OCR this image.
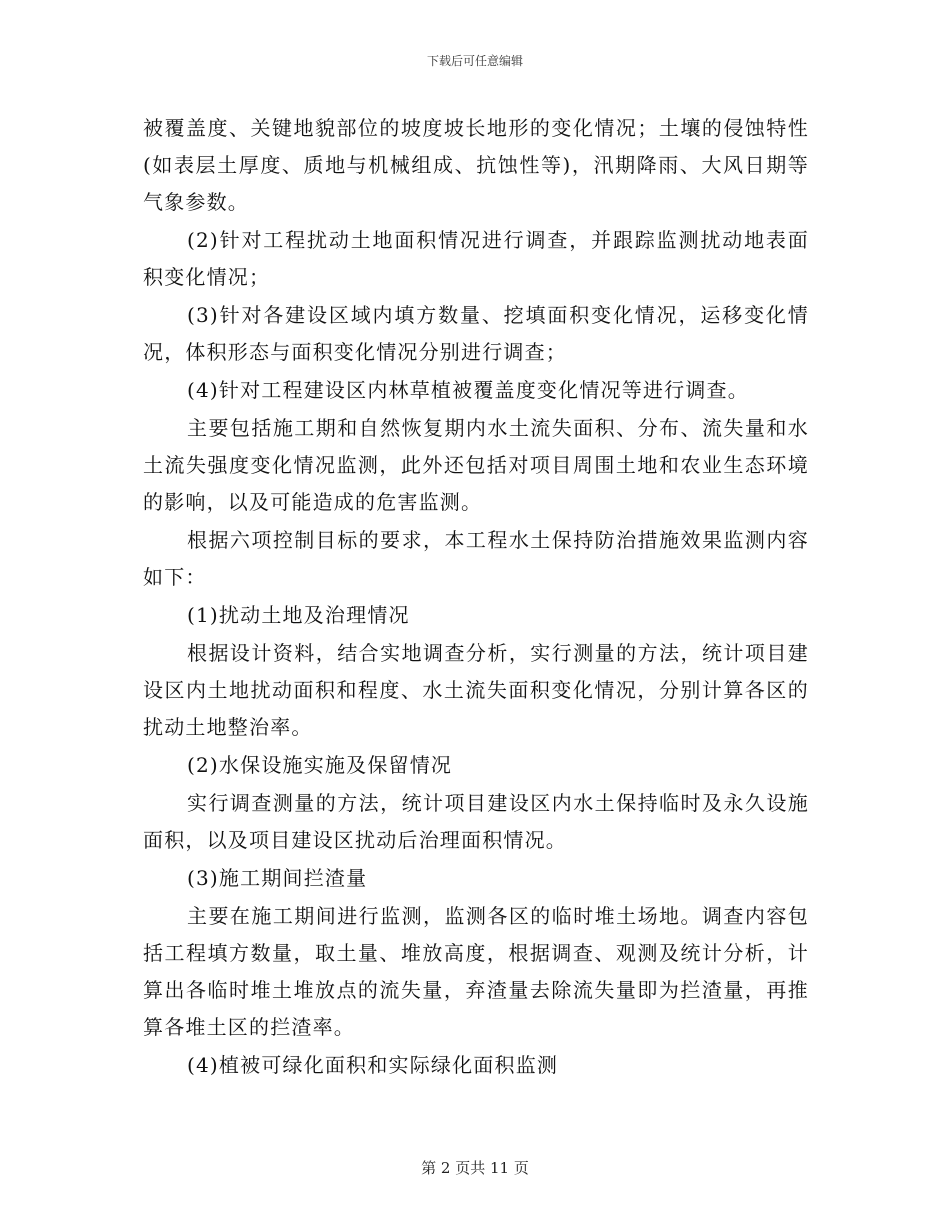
下载后可任意编辑

被覆盖度、关键地貌部位的坡度坡长地形的变化情况；土壤的侵蚀特性(如表层土厚度、质地与机械组成、抗蚀性等)，汛期降雨、大风日期等气象参数。

(2)针对工程扰动土地面积情况进行调查，并跟踪监测扰动地表面积变化情况；

(3)针对各建设区域内填方数量、挖填面积变化情况，运移变化情况，体积形态与面积变化情况分别进行调查；

(4)针对工程建设区内林草植被覆盖度变化情况等进行调查。

主要包括施工期和自然恢复期内水土流失面积、分布、流失量和水土流失强度变化情况监测，此外还包括对项目周围土地和农业生态环境的影响，以及可能造成的危害监测。

根据六项控制目标的要求，本工程水土保持防治措施效果监测内容如下：

(1)扰动土地及治理情况

根据设计资料，结合实地调查分析，实行测量的方法，统计项目建设区内土地扰动面积和程度、水土流失面积变化情况，分别计算各区的扰动土地整治率。

(2)水保设施实施及保留情况

实行调查测量的方法，统计项目建设区内水土保持临时及永久设施面积，以及项目建设区扰动后治理面积情况。

(3)施工期间拦渣量

主要在施工期间进行监测，监测各区的临时堆土场地。调查内容包括工程填方数量，取土量、堆放高度，根据调查、观测及统计分析，计算出各临时堆土堆放点的流失量，弃渣量去除流失量即为拦渣量，再推算各堆土区的拦渣率。

(4)植被可绿化面积和实际绿化面积监测

第 2 页共 11 页
